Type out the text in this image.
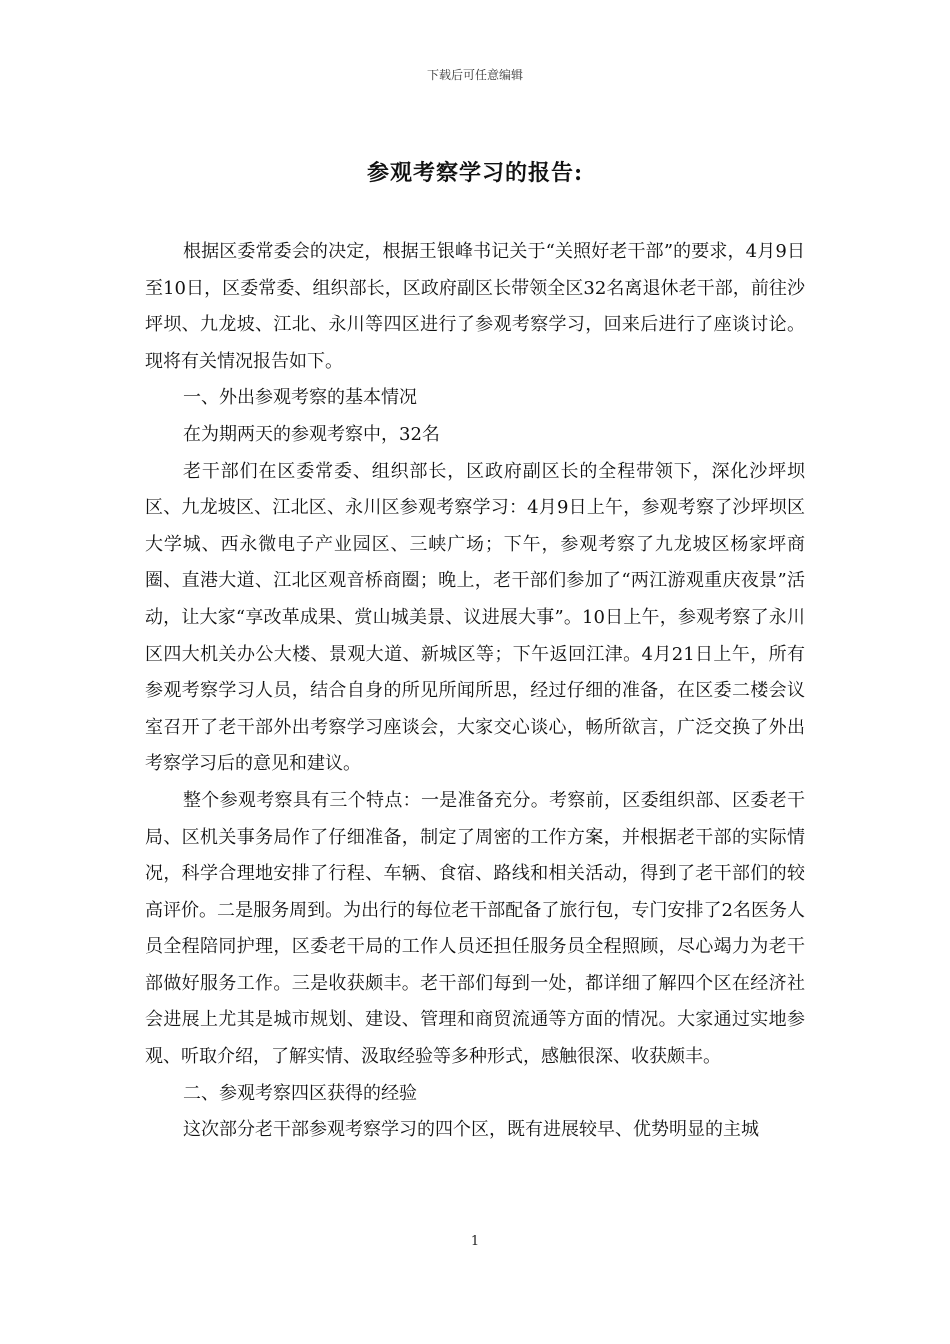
下载后可任意编辑
参观考察学习的报告:

根据区委常委会的决定，根据王银峰书记关于“关照好老干部”的要求，4月9日至10日，区委常委、组织部长，区政府副区长带领全区32名离退休老干部，前往沙坪坝、九龙坡、江北、永川等四区进行了参观考察学习，回来后进行了座谈讨论。现将有关情况报告如下。

一、外出参观考察的基本情况

在为期两天的参观考察中，32名

老干部们在区委常委、组织部长，区政府副区长的全程带领下，深化沙坪坝区、九龙坡区、江北区、永川区参观考察学习：4月9日上午，参观考察了沙坪坝区大学城、西永微电子产业园区、三峡广场；下午，参观考察了九龙坡区杨家坪商圈、直港大道、江北区观音桥商圈；晚上，老干部们参加了“两江游观重庆夜景”活动，让大家“享改革成果、赏山城美景、议进展大事”。10日上午，参观考察了永川区四大机关办公大楼、景观大道、新城区等；下午返回江津。4月21日上午，所有参观考察学习人员，结合自身的所见所闻所思，经过仔细的准备，在区委二楼会议室召开了老干部外出考察学习座谈会，大家交心谈心，畅所欲言，广泛交换了外出考察学习后的意见和建议。

整个参观考察具有三个特点：一是准备充分。考察前，区委组织部、区委老干局、区机关事务局作了仔细准备，制定了周密的工作方案，并根据老干部的实际情况，科学合理地安排了行程、车辆、食宿、路线和相关活动，得到了老干部们的较高评价。二是服务周到。为出行的每位老干部配备了旅行包，专门安排了2名医务人员全程陪同护理，区委老干局的工作人员还担任服务员全程照顾，尽心竭力为老干部做好服务工作。三是收获颇丰。老干部们每到一处，都详细了解四个区在经济社会进展上尤其是城市规划、建设、管理和商贸流通等方面的情况。大家通过实地参观、听取介绍，了解实情、汲取经验等多种形式，感触很深、收获颇丰。

二、参观考察四区获得的经验

这次部分老干部参观考察学习的四个区，既有进展较早、优势明显的主城

1
